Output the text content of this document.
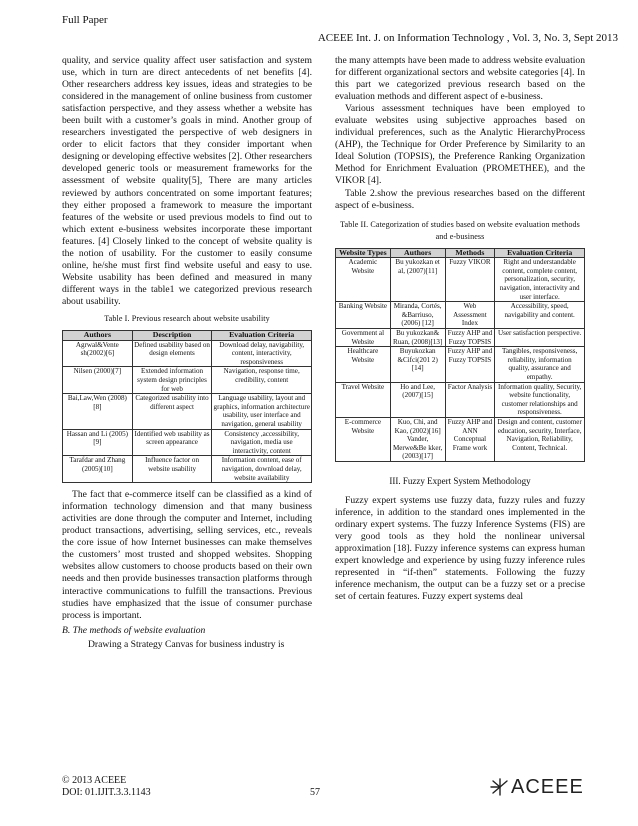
Full Paper
ACEEE Int. J. on Information Technology , Vol. 3, No. 3, Sept 2013

quality, and service quality affect user satisfaction and system use, which in turn are direct antecedents of net benefits [4]. Other researchers address key issues, ideas and strategies to be considered in the management of online business from customer satisfaction perspective, and they assess whether a website has been built with a customer’s goals in mind. Another group of researchers investigated the perspective of web designers in order to elicit factors that they consider important when designing or developing effective websites [2]. Other researchers developed generic tools or measurement frameworks for the assessment of website quality[5], There are many articles reviewed by authors concentrated on some important features; they either proposed a framework to measure the important features of the website or used previous models to find out to which extent e-business websites incorporate these important features. [4] Closely linked to the concept of website quality is the notion of usability. For the customer to easily consume online, he/she must first find website useful and easy to use. Website usability has been defined and measured in many different ways in the table1 we categorized previous research about usability.

Table I. Previous research about website usability
Authors	Description	Evaluation Criteria
Agrwal&Vente sh(2002)[6]	Defined usability based on design elements	Download delay, navigability, content, interactivity, responsiveness
Nilsen (2000)[7]	Extended information system design principles for web	Navigation, response time, credibility, content
Bai,Law,Wen (2008)[8]	Categorized usability into different aspect	Language usability, layout and graphics, information architecture usability, user interface and navigation, general usability
Hassan and Li (2005)[9]	Identified web usability as screen appearance	Consistency ,accessibility, navigation, media use interactivity, content
Tarafdar and Zhang (2005)[10]	Influence factor on website usability	Information content, ease of navigation, download delay, website availability

The fact that e-commerce itself can be classified as a kind of information technology dimension and that many business activities are done through the computer and Internet, including product transactions, advertising, selling services, etc., reveals the core issue of how Internet businesses can make themselves the customers’ most trusted and shopped websites. Shopping websites allow customers to choose products based on their own needs and then provide businesses transaction platforms through interactive communications to fulfill the transactions. Previous studies have emphasized that the issue of consumer purchase process is important.

B. The methods of website evaluation

Drawing a Strategy Canvas for business industry is

the many attempts have been made to address website evaluation for different organizational sectors and website categories [4]. In this part we categorized previous research based on the evaluation methods and different aspect of e-business.

Various assessment techniques have been employed to evaluate websites using subjective approaches based on individual preferences, such as the Analytic HierarchyProcess (AHP), the Technique for Order Preference by Similarity to an Ideal Solution (TOPSIS), the Preference Ranking Organization Method for Enrichment Evaluation (PROMETHEE), and the VIKOR [4].

Table 2.show the previous researches based on the different aspect of e-business.

Table II. Categorization of studies based on website evaluation methods and e-business
Website Types	Authors	Methods	Evaluation Criteria
Academic Website	Bu yukozkan et al, (2007)[11]	Fuzzy VIKOR	Right and understandable content, complete content, personalization, security, navigation, interactivity and user interface.
Banking Website	Miranda, Cortés, &Barriuso, (2006) [12]	Web Assessment Index	Accessibility, speed, navigability and content.
Government al Website	Bu yukozkan& Ruan, (2008)[13]	Fuzzy AHP and Fuzzy TOPSIS	User satisfaction perspective.
Healthcare Website	Buyukozkan &Cifci(201 2)[14]	Fuzzy AHP and Fuzzy TOPSIS	Tangibles, responsiveness, reliability, information quality, assurance and empathy.
Travel Website	Ho and Lee, (2007)[15]	Factor Analysis	Information quality, Security, website functionality, customer relationships and responsiveness.
E-commerce Website	Kuo, Chi, and Kao, (2002)[16] Vander, Merwe&Be kker, (2003)[17]	Fuzzy AHP and ANN Conceptual Frame work	Design and content, customer education, security, Interface, Navigation, Reliability, Content, Technical.
III. Fuzzy Expert System Methodology

Fuzzy expert systems use fuzzy data, fuzzy rules and fuzzy inference, in addition to the standard ones implemented in the ordinary expert systems. The fuzzy Inference Systems (FIS) are very good tools as they hold the nonlinear universal approximation [18]. Fuzzy inference systems can express human expert knowledge and experience by using fuzzy inference rules represented in “if-then” statements. Following the fuzzy inference mechanism, the output can be a fuzzy set or a precise set of certain features. Fuzzy expert systems deal

© 2013 ACEEE
DOI: 01.IJIT.3.3.1143	57	ACEEE
